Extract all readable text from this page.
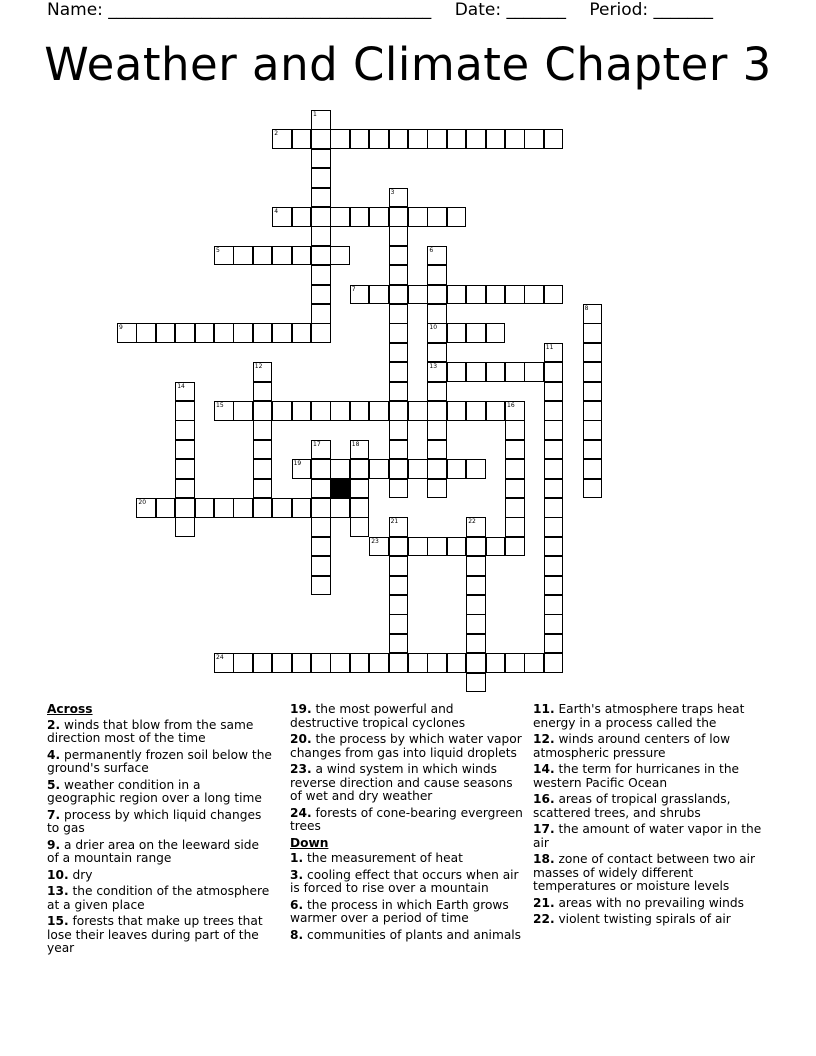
Name: ______________________________________ Date: _______ Period: _______
Weather and Climate Chapter 3
1
2
3
4
5	6
10
13
7
8
9
11
12
14
15	16
17	18
19
20
21	22
23
24
Across
2. winds that blow from the same direction most of the time
4. permanently frozen soil below the ground's surface
5. weather condition in a geographic region over a long time
7. process by which liquid changes to gas
9. a drier area on the leeward side of a mountain range
10. dry
13. the condition of the atmosphere at a given place
15. forests that make up trees that lose their leaves during part of the year
19. the most powerful and destructive tropical cyclones
20. the process by which water vapor changes from gas into liquid droplets
23. a wind system in which winds reverse direction and cause seasons of wet and dry weather
24. forests of cone-bearing evergreen trees
Down
1. the measurement of heat
3. cooling effect that occurs when air is forced to rise over a mountain
6. the process in which Earth grows warmer over a period of time
8. communities of plants and animals
11. Earth's atmosphere traps heat energy in a process called the
12. winds around centers of low atmospheric pressure
14. the term for hurricanes in the western Pacific Ocean
16. areas of tropical grasslands, scattered trees, and shrubs
17. the amount of water vapor in the air
18. zone of contact between two air masses of widely different temperatures or moisture levels
21. areas with no prevailing winds
22. violent twisting spirals of air
